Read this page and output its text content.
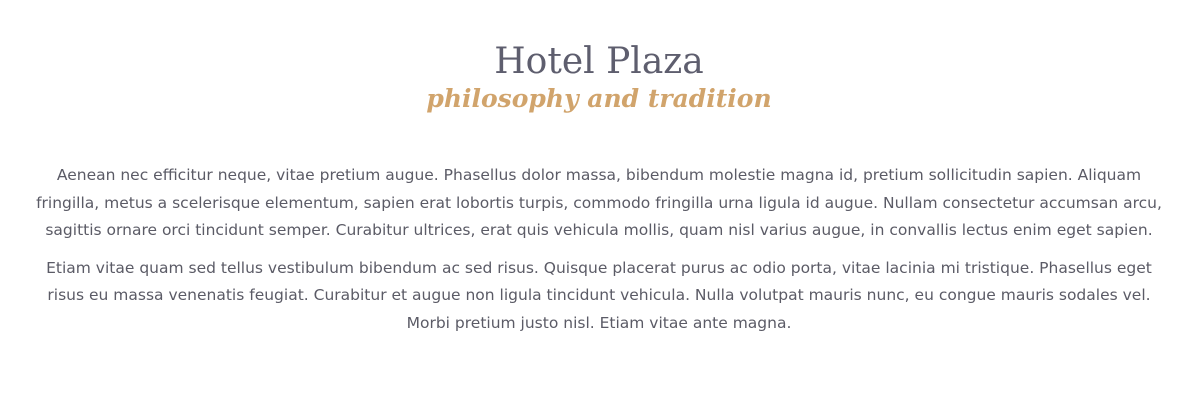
Hotel Plaza
philosophy and tradition

Aenean nec efficitur neque, vitae pretium augue. Phasellus dolor massa, bibendum molestie magna id, pretium sollicitudin sapien. Aliquam fringilla, metus a scelerisque elementum, sapien erat lobortis turpis, commodo fringilla urna ligula id augue. Nullam consectetur accumsan arcu, sagittis ornare orci tincidunt semper. Curabitur ultrices, erat quis vehicula mollis, quam nisl varius augue, in convallis lectus enim eget sapien.

Etiam vitae quam sed tellus vestibulum bibendum ac sed risus. Quisque placerat purus ac odio porta, vitae lacinia mi tristique. Phasellus eget risus eu massa venenatis feugiat. Curabitur et augue non ligula tincidunt vehicula. Nulla volutpat mauris nunc, eu congue mauris sodales vel. Morbi pretium justo nisl. Etiam vitae ante magna.
